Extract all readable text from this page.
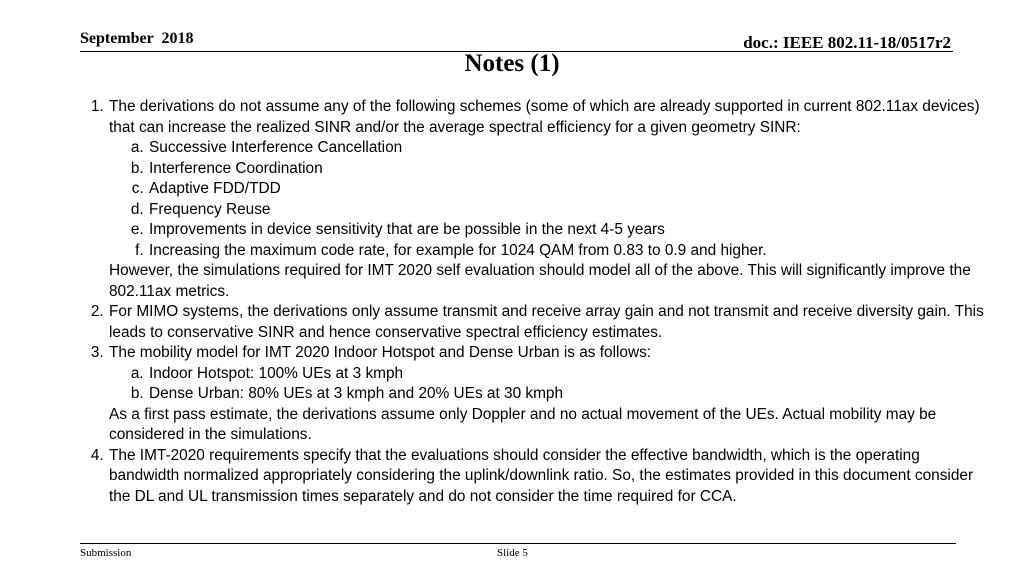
September  2018	doc.: IEEE 802.11-18/0517r2
Notes (1)
1. The derivations do not assume any of the following schemes (some of which are already supported in current 802.11ax devices) that can increase the realized SINR and/or the average spectral efficiency for a given geometry SINR:
a. Successive Interference Cancellation
b. Interference Coordination
c. Adaptive FDD/TDD
d. Frequency Reuse
e. Improvements in device sensitivity that are be possible in the next 4-5 years
f. Increasing the maximum code rate, for example for 1024 QAM from 0.83 to 0.9 and higher.
However, the simulations required for IMT 2020 self evaluation should model all of the above. This will significantly improve the 802.11ax metrics.
2. For MIMO systems, the derivations only assume transmit and receive array gain and not transmit and receive diversity gain. This leads to conservative SINR and hence conservative spectral efficiency estimates.
3. The mobility model for IMT 2020 Indoor Hotspot and Dense Urban is as follows:
a. Indoor Hotspot: 100% UEs at 3 kmph
b. Dense Urban: 80% UEs at 3 kmph and 20% UEs at 30 kmph
As a first pass estimate, the derivations assume only Doppler and no actual movement of the UEs. Actual mobility may be considered in the simulations.
4. The IMT-2020 requirements specify that the evaluations should consider the effective bandwidth, which is the operating bandwidth normalized appropriately considering the uplink/downlink ratio. So, the estimates provided in this document consider the DL and UL transmission times separately and do not consider the time required for CCA.
Submission	Slide 5
